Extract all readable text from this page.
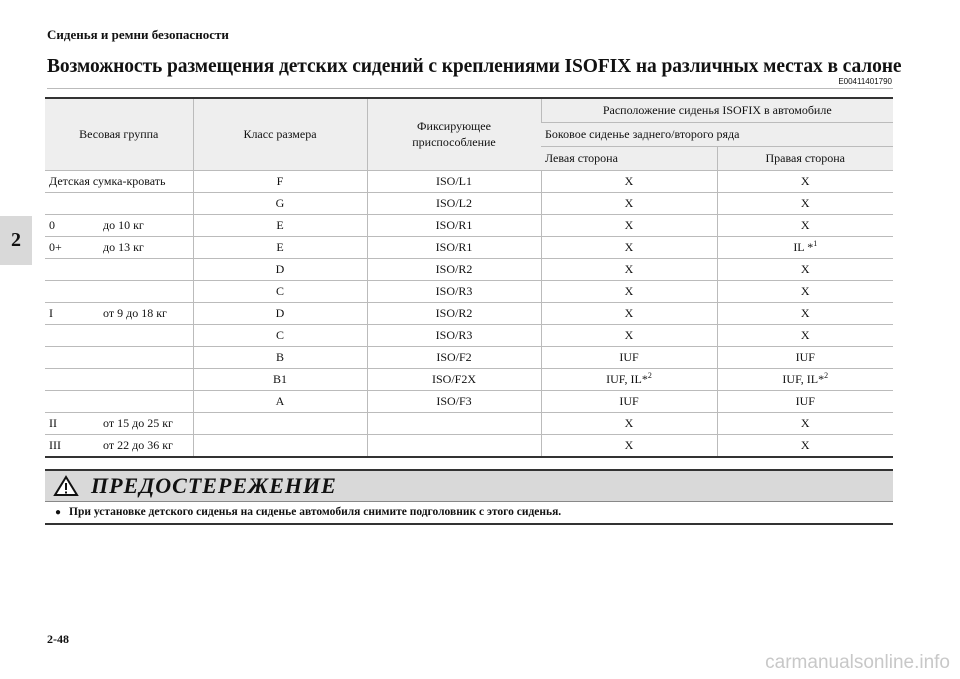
Сиденья и ремни безопасности
Возможность размещения детских сидений с креплениями ISOFIX на различных местах в салоне
E00411401790
2
Весовая группа	Класс размера	Фиксирующее приспособление	Расположение сиденья ISOFIX в автомобиле	
			Боковое сиденье заднего/второго ряда	
			Левая сторона	Правая сторона

Детская сумка-кровать	F	ISO/L1	X	X

	G	ISO/L2	X	X

0 до 10 кг	E	ISO/R1	X	X

0+ до 13 кг	E	ISO/R1	X	IL *$^1$

	D	ISO/R2	X	X

	C	ISO/R3	X	X

I от 9 до 18 кг	D	ISO/R2	X	X

	C	ISO/R3	X	X

	B	ISO/F2	IUF	IUF

	B1	ISO/F2X	IUF, IL*$^2$	IUF, IL*$^2$

	A	ISO/F3	IUF	IUF

II от 15 до 25 кг			X	X

III от 22 до 36 кг			X	X
ПРЕДОСТЕРЕЖЕНИЕ
● При установке детского сиденья на сиденье автомобиля снимите подголовник с этого сиденья.
2-48
carmanualsonline.info
